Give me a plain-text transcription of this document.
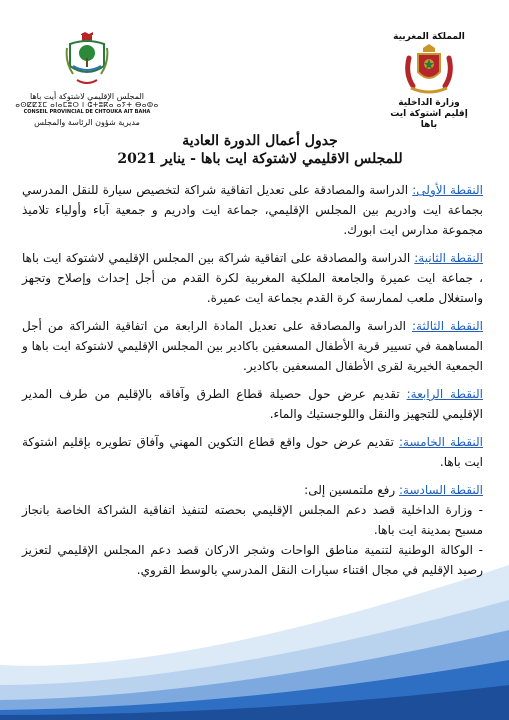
المجلس الإقليمي لاشتوكة أيت باها
ⴰⵙⵇⵇⵉⵎ ⴰⵏⴰⵎⵓⵔ ⵏ ⵛⵜⵓⴽⴰ ⴰⵢⵜ ⴱⴰⵀⴰ
CONSEIL PROVINCIAL DE CHTOUKA AIT BAHA
مديرية شؤون الرئاسة والمجلس
المملكة المغربية
وزارة الداخلية
إقليم اشتوكة ايت باها
جدول أعمال الدورة العادية
للمجلس الاقليمي لاشتوكة ايت باها - يناير 2021
النقطة الأولى: الدراسة والمصادقة على تعديل اتفاقية شراكة لتخصيص سيارة للنقل المدرسي بجماعة ايت وادريم بين المجلس الإقليمي، جماعة ايت وادريم و جمعية آباء وأولياء تلاميذ مجموعة مدارس ايت ابورك.
النقطة الثانية: الدراسة والمصادقة على اتفاقية شراكة بين المجلس الإقليمي لاشتوكة ايت باها ، جماعة ايت عميرة والجامعة الملكية المغربية لكرة القدم من أجل إحداث وإصلاح وتجهز واستغلال ملعب لممارسة كرة القدم بجماعة ايت عميرة.
النقطة الثالثة: الدراسة والمصادقة على تعديل المادة الرابعة من اتفاقية الشراكة من أجل المساهمة في تسيير قرية الأطفال المسعفين باكادير بين المجلس الإقليمي لاشتوكة ايت باها و الجمعية الخيرية لقرى الأطفال المسعفين باكادير.
النقطة الرابعة: تقديم عرض حول حصيلة قطاع الطرق وآفاقه بالإقليم من طرف المدير الإقليمي للتجهيز والنقل واللوجستيك والماء.
النقطة الخامسة: تقديم عرض حول واقع قطاع التكوين المهني وآفاق تطويره بإقليم اشتوكة ايت باها.
النقطة السادسة: رفع ملتمسين إلى:
- وزارة الداخلية قصد دعم المجلس الإقليمي بحصته لتنفيذ اتفاقية الشراكة الخاصة بانجاز مسبح بمدينة ايت باها.
- الوكالة الوطنية لتنمية مناطق الواحات وشجر الاركان قصد دعم المجلس الإقليمي لتعزيز رصيد الإقليم في مجال اقتناء سيارات النقل المدرسي بالوسط القروي.
